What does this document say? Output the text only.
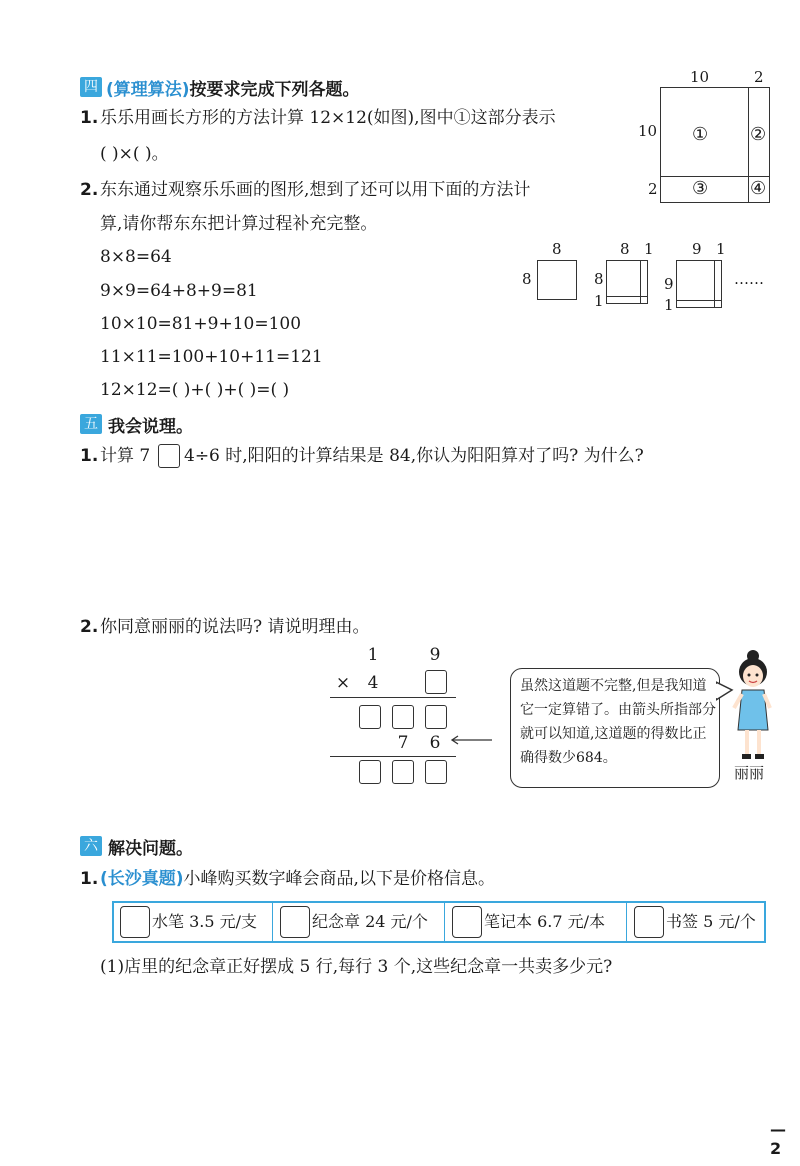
四 (算理算法)按要求完成下列各题。
1. 乐乐用画长方形的方法计算 12×12(如图),图中①这部分表示
( )×( )。
2. 东东通过观察乐乐画的图形,想到了还可以用下面的方法计
算,请你帮东东把计算过程补充完整。
8×8=64
9×9=64+8+9=81
10×10=81+9+10=100
11×11=100+10+11=121
12×12=( )+( )+( )=( )
10	2
10
2
① ②
③ ④
8
8
8 1
8
1
9 1
9
1
……
五 我会说理。
1. 计算 7 4÷6 时,阳阳的计算结果是 84,你认为阳阳算对了吗? 为什么?
2. 你同意丽丽的说法吗? 请说明理由。
1	9
×	4
7	6
虽然这道题不完整,但是我知道它一定算错了。由箭头所指部分就可以知道,这道题的得数比正确得数少684。
丽丽
六 解决问题。
1. (长沙真题)小峰购买数字峰会商品,以下是价格信息。
水笔 3.5 元/支	纪念章 24 元/个	笔记本 6.7 元/本	书签 5 元/个
(1)店里的纪念章正好摆成 5 行,每行 3 个,这些纪念章一共卖多少元?
— 2
